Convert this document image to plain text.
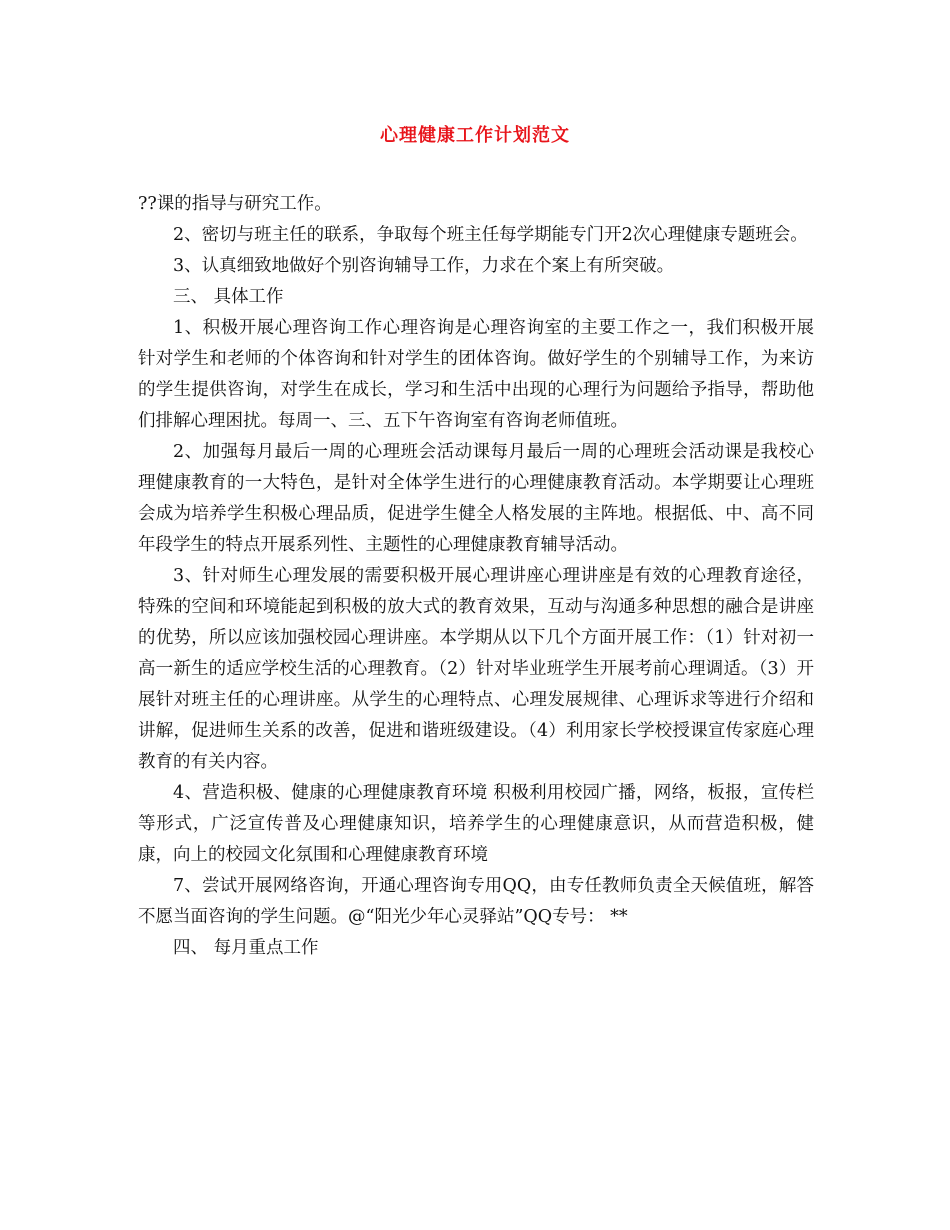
心理健康工作计划范文

??课的指导与研究工作。

2、密切与班主任的联系，争取每个班主任每学期能专门开2次心理健康专题班会。

3、认真细致地做好个别咨询辅导工作，力求在个案上有所突破。

三、 具体工作

1、积极开展心理咨询工作心理咨询是心理咨询室的主要工作之一，我们积极开展针对学生和老师的个体咨询和针对学生的团体咨询。做好学生的个别辅导工作，为来访的学生提供咨询，对学生在成长，学习和生活中出现的心理行为问题给予指导，帮助他们排解心理困扰。每周一、三、五下午咨询室有咨询老师值班。

2、加强每月最后一周的心理班会活动课每月最后一周的心理班会活动课是我校心理健康教育的一大特色，是针对全体学生进行的心理健康教育活动。本学期要让心理班会成为培养学生积极心理品质，促进学生健全人格发展的主阵地。根据低、中、高不同年段学生的特点开展系列性、主题性的心理健康教育辅导活动。

3、针对师生心理发展的需要积极开展心理讲座心理讲座是有效的心理教育途径，特殊的空间和环境能起到积极的放大式的教育效果，互动与沟通多种思想的融合是讲座的优势，所以应该加强校园心理讲座。本学期从以下几个方面开展工作：（1）针对初一高一新生的适应学校生活的心理教育。（2）针对毕业班学生开展考前心理调适。（3）开展针对班主任的心理讲座。从学生的心理特点、心理发展规律、心理诉求等进行介绍和讲解，促进师生关系的改善，促进和谐班级建设。（4）利用家长学校授课宣传家庭心理教育的有关内容。

4、营造积极、健康的心理健康教育环境 积极利用校园广播，网络，板报，宣传栏等形式，广泛宣传普及心理健康知识，培养学生的心理健康意识，从而营造积极，健康，向上的校园文化氛围和心理健康教育环境

7、尝试开展网络咨询，开通心理咨询专用QQ，由专任教师负责全天候值班，解答不愿当面咨询的学生问题。@“阳光少年心灵驿站”QQ专号： **

四、 每月重点工作
